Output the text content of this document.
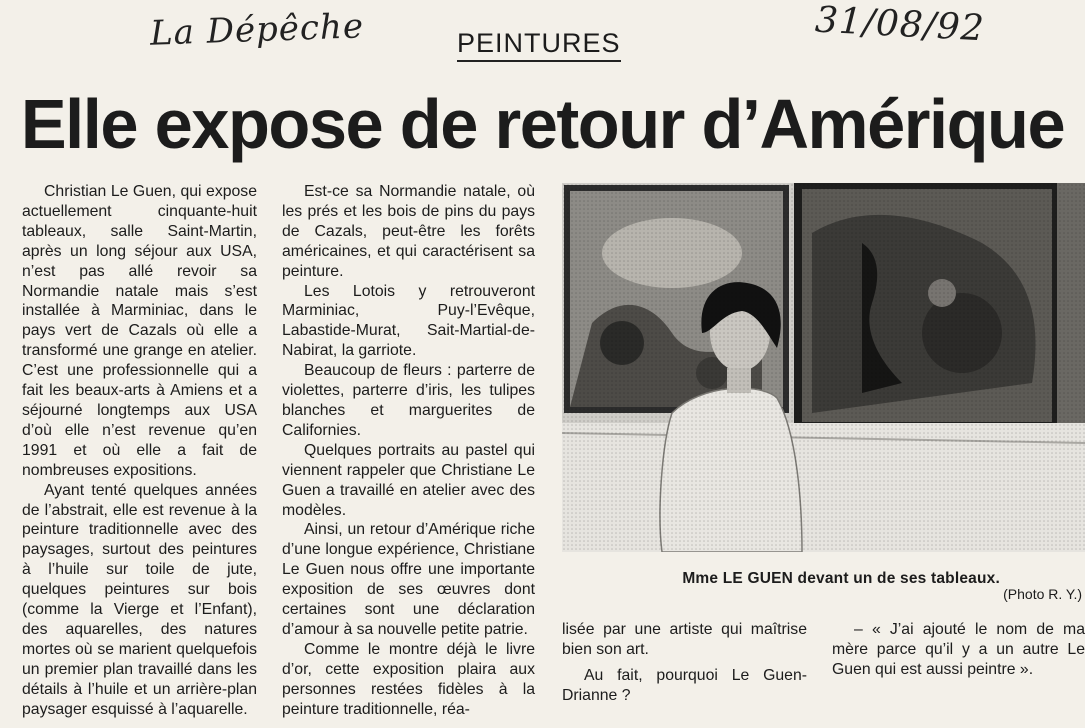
La Dépêche	31/08/92
PEINTURES
Elle expose de retour d’Amérique

Christian Le Guen, qui expose actuellement cinquante-huit tableaux, salle Saint-Martin, après un long séjour aux USA, n’est pas allé revoir sa Normandie natale mais s’est installée à Marminiac, dans le pays vert de Cazals où elle a transformé une grange en atelier. C’est une professionnelle qui a fait les beaux-arts à Amiens et a séjourné longtemps aux USA d’où elle n’est revenue qu’en 1991 et où elle a fait de nombreuses expositions.

Ayant tenté quelques années de l’abstrait, elle est revenue à la peinture traditionnelle avec des paysages, surtout des peintures à l’huile sur toile de jute, quelques peintures sur bois (comme la Vierge et l’Enfant), des aquarelles, des natures mortes où se marient quelquefois un premier plan travaillé dans les détails à l’huile et un arrière-plan paysager esquissé à l’aquarelle.

Est-ce sa Normandie natale, où les prés et les bois de pins du pays de Cazals, peut-être les forêts américaines, et qui caractérisent sa peinture.

Les Lotois y retrouveront Marminiac, Puy-l’Evêque, Labastide-Murat, Sait-Martial-de-Nabirat, la garriote.

Beaucoup de fleurs : parterre de violettes, parterre d’iris, les tulipes blanches et marguerites de Californies.

Quelques portraits au pastel qui viennent rappeler que Christiane Le Guen a travaillé en atelier avec des modèles.

Ainsi, un retour d’Amérique riche d’une longue expérience, Christiane Le Guen nous offre une importante exposition de ses œuvres dont certaines sont une déclaration d’amour à sa nouvelle petite patrie.

Comme le montre déjà le livre d’or, cette exposition plaira aux personnes restées fidèles à la peinture traditionnelle, réa-

Mme LE GUEN devant un de ses tableaux.
(Photo R. Y.)

lisée par une artiste qui maîtrise bien son art.

Au fait, pourquoi Le Guen-Drianne ?

– « J’ai ajouté le nom de ma mère parce qu’il y a un autre Le Guen qui est aussi peintre ».
